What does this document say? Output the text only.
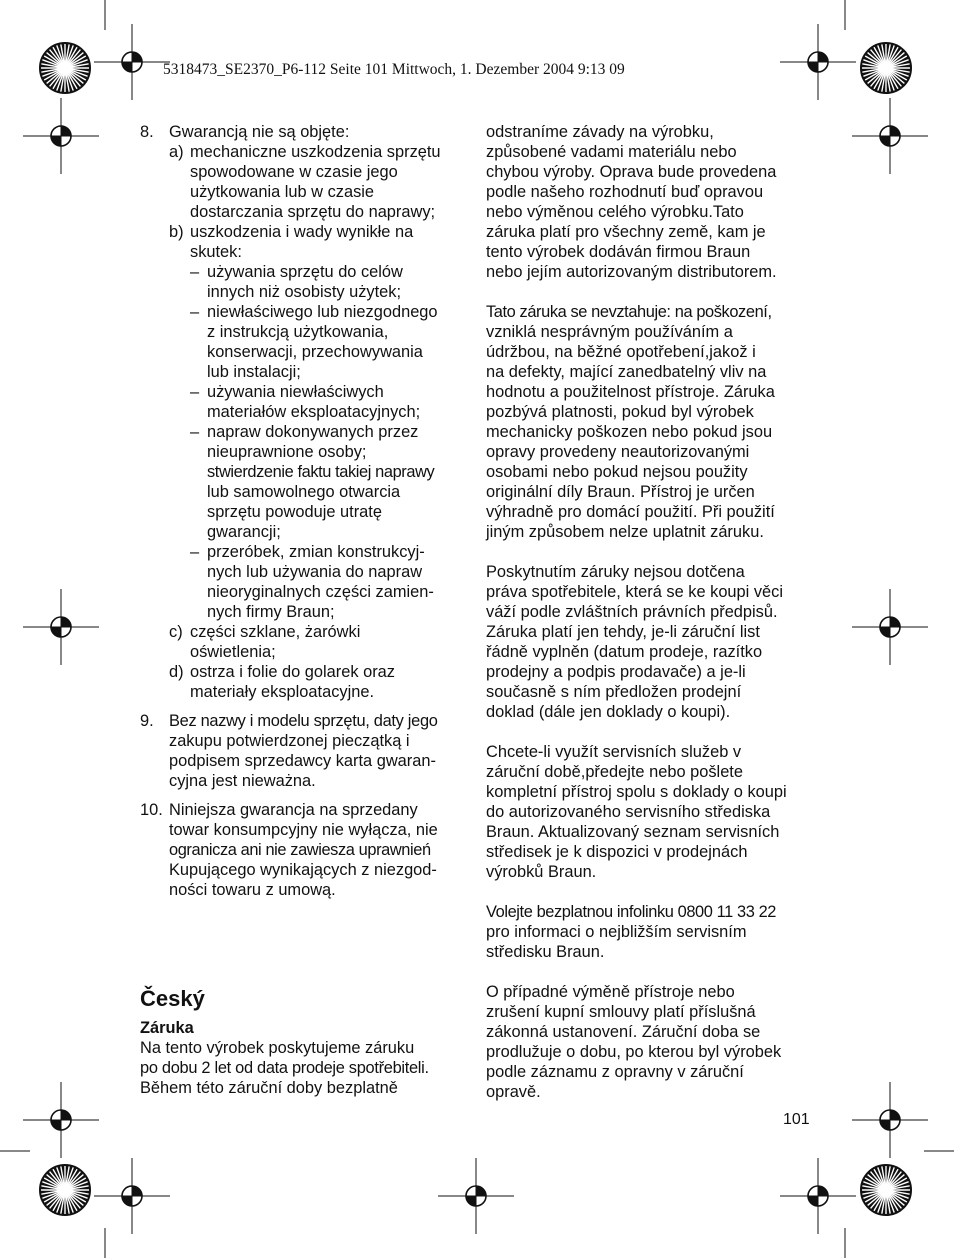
5318473_SE2370_P6-112 Seite 101 Mittwoch, 1. Dezember 2004 9:13 09
8. Gwarancją nie są objęte:
a) mechaniczne uszkodzenia sprzętu
spowodowane w czasie jego
użytkowania lub w czasie
dostarczania sprzętu do naprawy;
b) uszkodzenia i wady wynikłe na
skutek:
– używania sprzętu do celów
innych niż osobisty użytek;
– niewłaściwego lub niezgodnego
z instrukcją użytkowania,
konserwacji, przechowywania
lub instalacji;
– używania niewłaściwych
materiałów eksploatacyjnych;
– napraw dokonywanych przez
nieuprawnione osoby;
stwierdzenie faktu takiej naprawy
lub samowolnego otwarcia
sprzętu powoduje utratę
gwarancji;
– przeróbek, zmian konstrukcyj-
nych lub używania do napraw
nieoryginalnych części zamien-
nych firmy Braun;
c) części szklane, żarówki
oświetlenia;
d) ostrza i folie do golarek oraz
materiały eksploatacyjne.
9. Bez nazwy i modelu sprzętu, daty jego
zakupu potwierdzonej pieczątką i
podpisem sprzedawcy karta gwaran-
cyjna jest nieważna.
10. Niniejsza gwarancja na sprzedany
towar konsumpcyjny nie wyłącza, nie
ogranicza ani nie zawiesza uprawnień
Kupującego wynikających z niezgod-
ności towaru z umową.
Český
Záruka
Na tento výrobek poskytujeme záruku
po dobu 2 let od data prodeje spotřebiteli.
Během této záruční doby bezplatně
odstraníme závady na výrobku,
způsobené vadami materiálu nebo
chybou výroby. Oprava bude provedena
podle našeho rozhodnutí buď opravou
nebo výměnou celého výrobku.Tato
záruka platí pro všechny země, kam je
tento výrobek dodáván firmou Braun
nebo jejím autorizovaným distributorem.
Tato záruka se nevztahuje: na poškození,
vzniklá nesprávným používáním a
údržbou, na běžné opotřebení,jakož i
na defekty, mající zanedbatelný vliv na
hodnotu a použitelnost přístroje. Záruka
pozbývá platnosti, pokud byl výrobek
mechanicky poškozen nebo pokud jsou
opravy provedeny neautorizovanými
osobami nebo pokud nejsou použity
originální díly Braun. Přístroj je určen
výhradně pro domácí použití. Při použití
jiným způsobem nelze uplatnit záruku.
Poskytnutím záruky nejsou dotčena
práva spotřebitele, která se ke koupi věci
váží podle zvláštních právních předpisů.
Záruka platí jen tehdy, je-li záruční list
řádně vyplněn (datum prodeje, razítko
prodejny a podpis prodavače) a je-li
současně s ním předložen prodejní
doklad (dále jen doklady o koupi).
Chcete-li využít servisních služeb v
záruční době,předejte nebo pošlete
kompletní přístroj spolu s doklady o koupi
do autorizovaného servisního střediska
Braun. Aktualizovaný seznam servisních
středisek je k dispozici v prodejnách
výrobků Braun.
Volejte bezplatnou infolinku 0800 11 33 22
pro informaci o nejbližším servisním
středisku Braun.
O případné výměně přístroje nebo
zrušení kupní smlouvy platí příslušná
zákonná ustanovení. Záruční doba se
prodlužuje o dobu, po kterou byl výrobek
podle záznamu z opravny v záruční
opravě.
101
